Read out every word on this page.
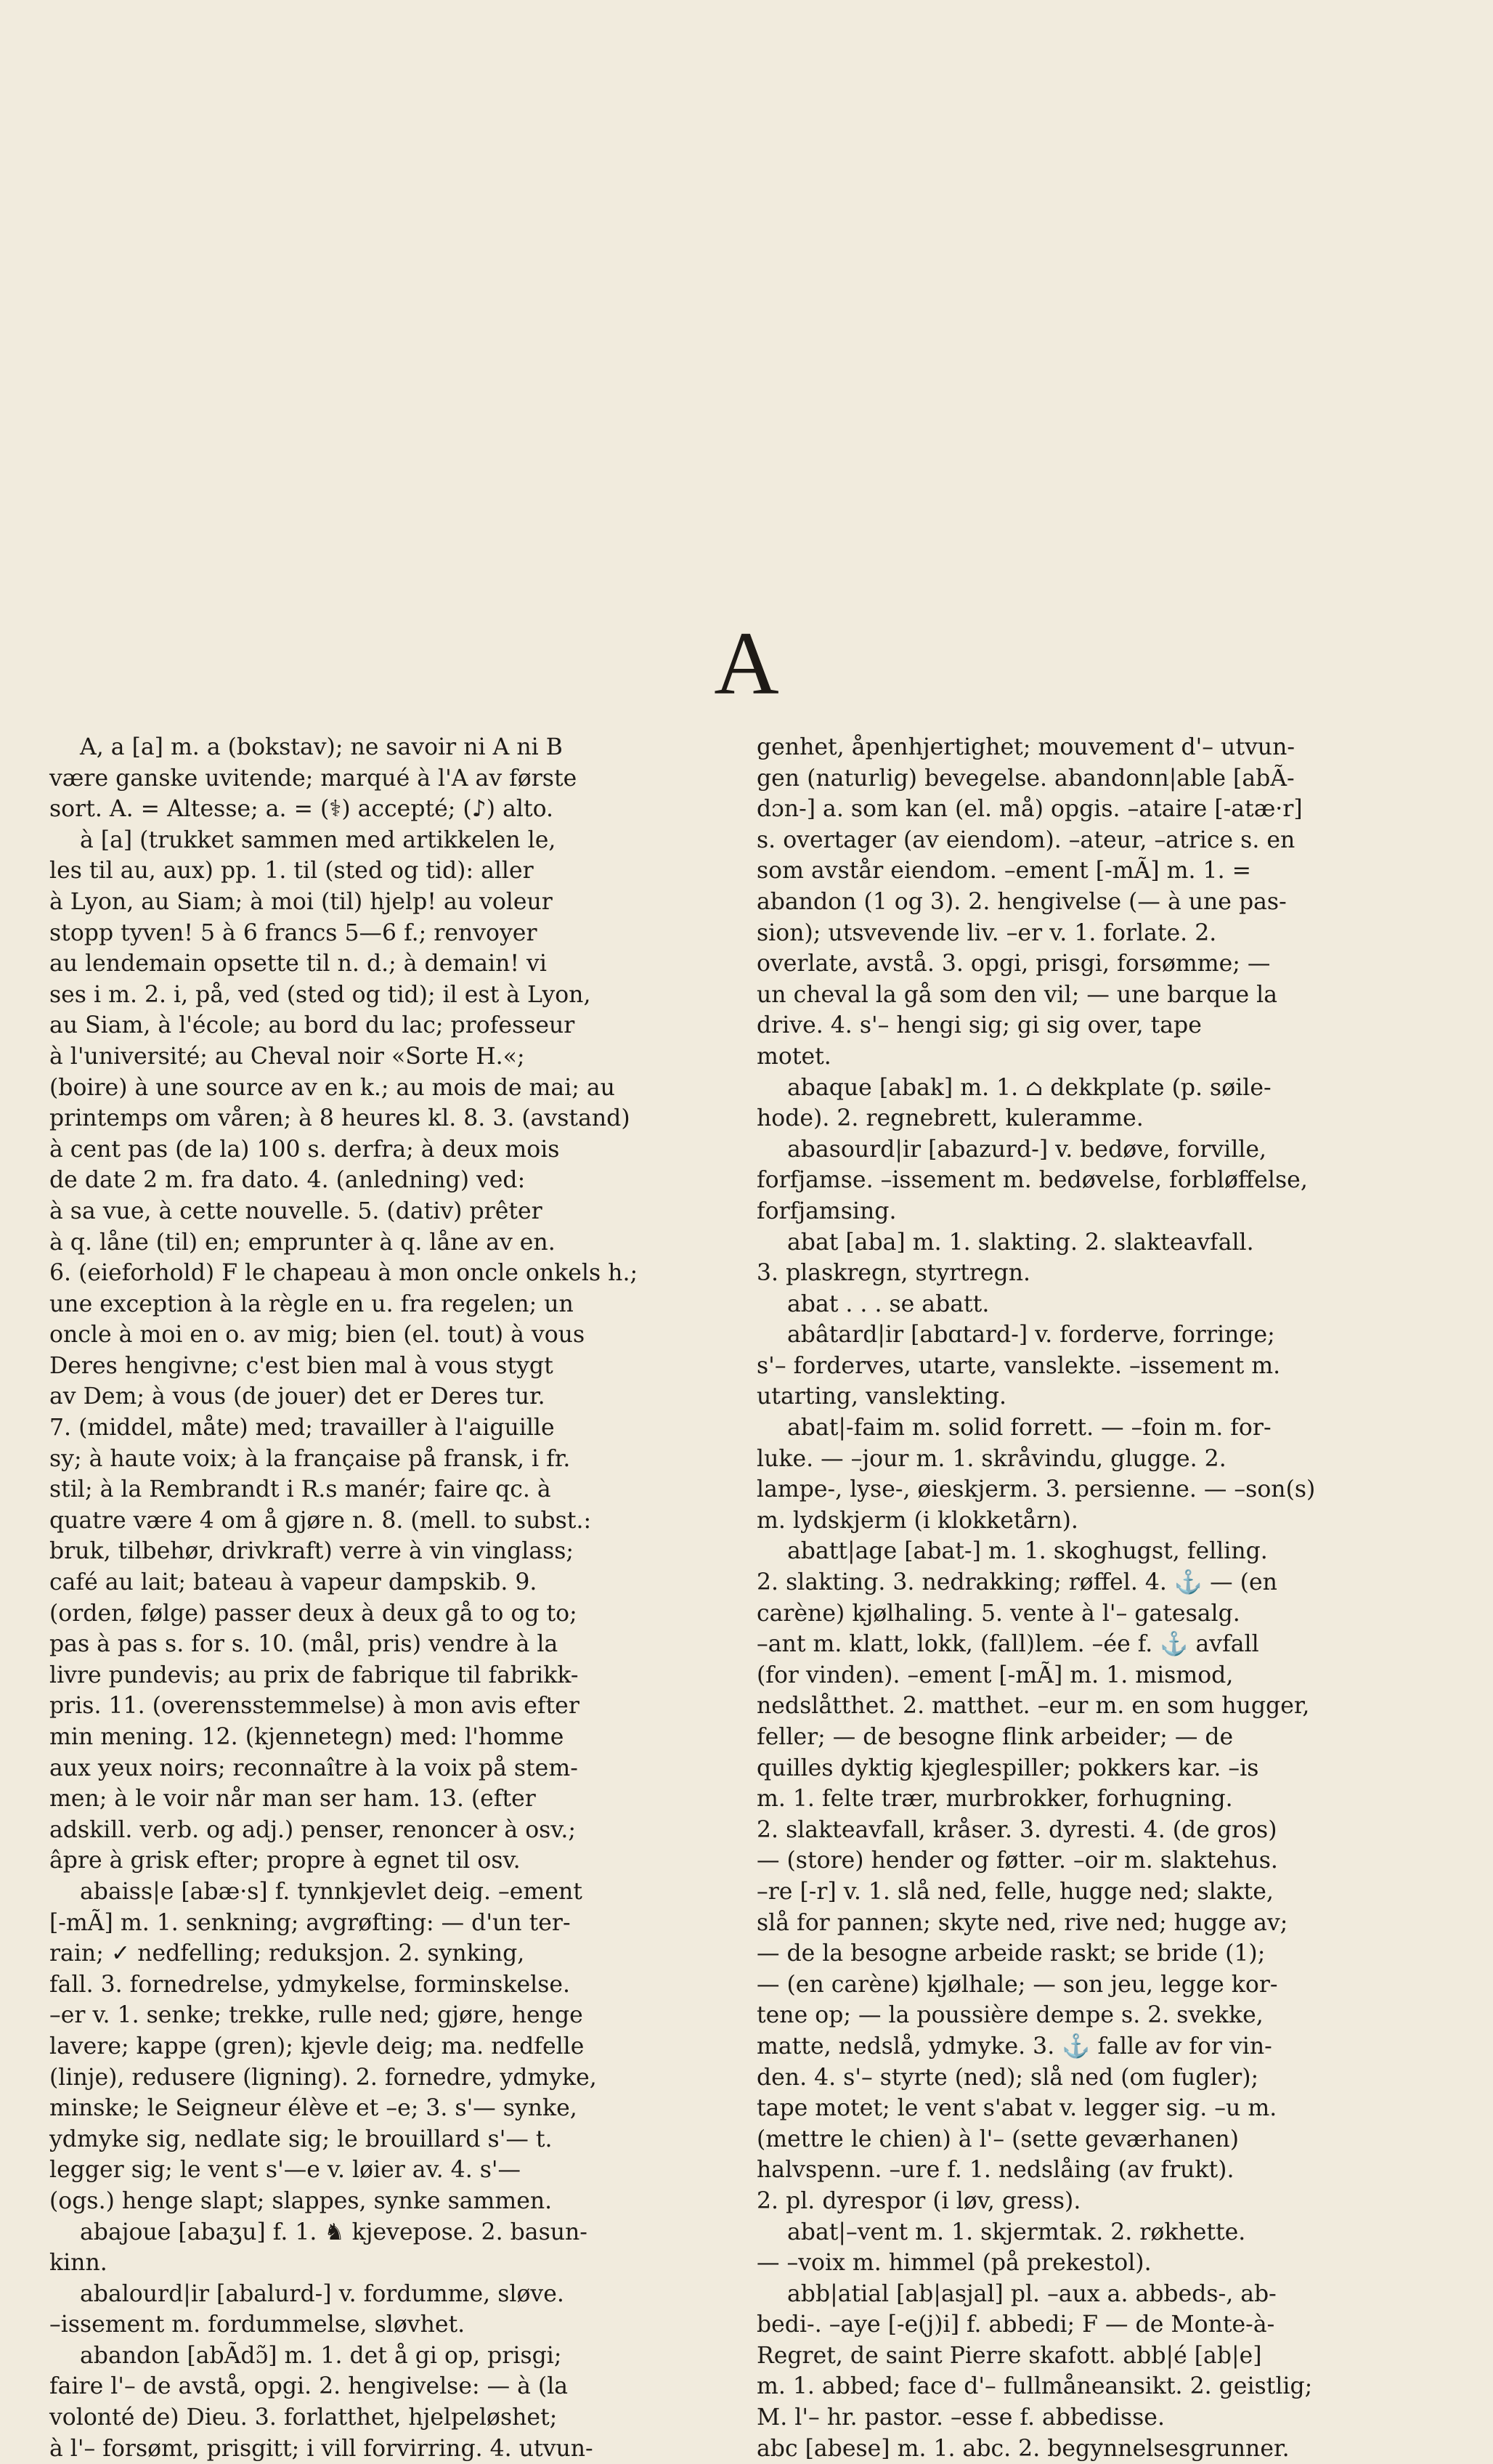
A
A, a [a] m. a (bokstav); ne savoir ni A ni B
være ganske uvitende; marqué à l'A av første
sort. A. = Altesse; a. = (⚕) accepté; (♪) alto.
à [a] (trukket sammen med artikkelen le,
les til au, aux) pp. 1. til (sted og tid): aller
à Lyon, au Siam; à moi (til) hjelp! au voleur
stopp tyven! 5 à 6 francs 5—6 f.; renvoyer
au lendemain opsette til n. d.; à demain! vi
ses i m. 2. i, på, ved (sted og tid); il est à Lyon,
au Siam, à l'école; au bord du lac; professeur
à l'université; au Cheval noir «Sorte H.«;
(boire) à une source av en k.; au mois de mai; au
printemps om våren; à 8 heures kl. 8. 3. (avstand)
à cent pas (de la) 100 s. derfra; à deux mois
de date 2 m. fra dato. 4. (anledning) ved:
à sa vue, à cette nouvelle. 5. (dativ) prêter
à q. låne (til) en; emprunter à q. låne av en.
6. (eieforhold) F le chapeau à mon oncle onkels h.;
une exception à la règle en u. fra regelen; un
oncle à moi en o. av mig; bien (el. tout) à vous
Deres hengivne; c'est bien mal à vous stygt
av Dem; à vous (de jouer) det er Deres tur.
7. (middel, måte) med; travailler à l'aiguille
sy; à haute voix; à la française på fransk, i fr.
stil; à la Rembrandt i R.s manér; faire qc. à
quatre være 4 om å gjøre n. 8. (mell. to subst.:
bruk, tilbehør, drivkraft) verre à vin vinglass;
café au lait; bateau à vapeur dampskib. 9.
(orden, følge) passer deux à deux gå to og to;
pas à pas s. for s. 10. (mål, pris) vendre à la
livre pundevis; au prix de fabrique til fabrikk-
pris. 11. (overensstemmelse) à mon avis efter
min mening. 12. (kjennetegn) med: l'homme
aux yeux noirs; reconnaître à la voix på stem-
men; à le voir når man ser ham. 13. (efter
adskill. verb. og adj.) penser, renoncer à osv.;
âpre à grisk efter; propre à egnet til osv.
abaiss|e [abæ·s] f. tynnkjevlet deig. –ement
[-mÃ] m. 1. senkning; avgrøfting: — d'un ter-
rain; ✓ nedfelling; reduksjon. 2. synking,
fall. 3. fornedrelse, ydmykelse, forminskelse.
–er v. 1. senke; trekke, rulle ned; gjøre, henge
lavere; kappe (gren); kjevle deig; ma. nedfelle
(linje), redusere (ligning). 2. fornedre, ydmyke,
minske; le Seigneur élève et –e; 3. s'— synke,
ydmyke sig, nedlate sig; le brouillard s'— t.
legger sig; le vent s'—e v. løier av. 4. s'—
(ogs.) henge slapt; slappes, synke sammen.
abajoue [abaʒu] f. 1. ♞ kjevepose. 2. basun-
kinn.
abalourd|ir [abalurd-] v. fordumme, sløve.
–issement m. fordummelse, sløvhet.
abandon [abÃdɔ̃] m. 1. det å gi op, prisgi;
faire l'– de avstå, opgi. 2. hengivelse: — à (la
volonté de) Dieu. 3. forlatthet, hjelpeløshet;
à l'– forsømt, prisgitt; i vill forvirring. 4. utvun-
genhet, åpenhjertighet; mouvement d'– utvun-
gen (naturlig) bevegelse. abandonn|able [abÃ-
dɔn-] a. som kan (el. må) opgis. –ataire [-atæ·r]
s. overtager (av eiendom). –ateur, –atrice s. en
som avstår eiendom. –ement [-mÃ] m. 1. =
abandon (1 og 3). 2. hengivelse (— à une pas-
sion); utsvevende liv. –er v. 1. forlate. 2.
overlate, avstå. 3. opgi, prisgi, forsømme; —
un cheval la gå som den vil; — une barque la
drive. 4. s'– hengi sig; gi sig over, tape
motet.
abaque [abak] m. 1. ⌂ dekkplate (p. søile-
hode). 2. regnebrett, kuleramme.
abasourd|ir [abazurd-] v. bedøve, forville,
forfjamse. –issement m. bedøvelse, forbløffelse,
forfjamsing.
abat [aba] m. 1. slakting. 2. slakteavfall.
3. plaskregn, styrtregn.
abat . . . se abatt.
abâtard|ir [abɑtard-] v. forderve, forringe;
s'– forderves, utarte, vanslekte. –issement m.
utarting, vanslekting.
abat|-faim m. solid forrett. — –foin m. for-
luke. — –jour m. 1. skråvindu, glugge. 2.
lampe-, lyse-, øieskjerm. 3. persienne. — –son(s)
m. lydskjerm (i klokketårn).
abatt|age [abat-] m. 1. skoghugst, felling.
2. slakting. 3. nedrakking; røffel. 4. ⚓ — (en
carène) kjølhaling. 5. vente à l'– gatesalg.
–ant m. klatt, lokk, (fall)lem. –ée f. ⚓ avfall
(for vinden). –ement [-mÃ] m. 1. mismod,
nedslåtthet. 2. matthet. –eur m. en som hugger,
feller; — de besogne flink arbeider; — de
quilles dyktig kjeglespiller; pokkers kar. –is
m. 1. felte trær, murbrokker, forhugning.
2. slakteavfall, kråser. 3. dyresti. 4. (de gros)
— (store) hender og føtter. –oir m. slaktehus.
–re [-r] v. 1. slå ned, felle, hugge ned; slakte,
slå for pannen; skyte ned, rive ned; hugge av;
— de la besogne arbeide raskt; se bride (1);
— (en carène) kjølhale; — son jeu, legge kor-
tene op; — la poussière dempe s. 2. svekke,
matte, nedslå, ydmyke. 3. ⚓ falle av for vin-
den. 4. s'– styrte (ned); slå ned (om fugler);
tape motet; le vent s'abat v. legger sig. –u m.
(mettre le chien) à l'– (sette geværhanen)
halvspenn. –ure f. 1. nedslåing (av frukt).
2. pl. dyrespor (i løv, gress).
abat|–vent m. 1. skjermtak. 2. røkhette.
— –voix m. himmel (på prekestol).
abb|atial [ab|asjal] pl. –aux a. abbeds-, ab-
bedi-. –aye [-e(j)i] f. abbedi; F — de Monte-à-
Regret, de saint Pierre skafott. abb|é [ab|e]
m. 1. abbed; face d'– fullmåneansikt. 2. geistlig;
M. l'– hr. pastor. –esse f. abbedisse.
abc [abese] m. 1. abc. 2. begynnelsesgrunner.
